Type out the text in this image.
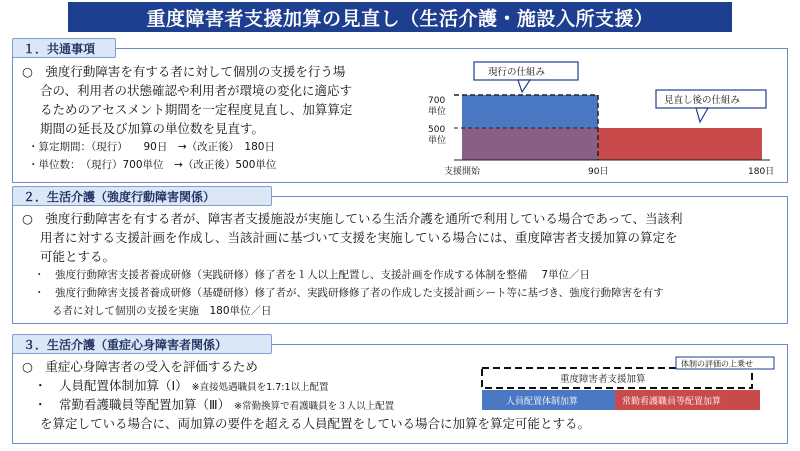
重度障害者支援加算の見直し（生活介護・施設入所支援）
１．共通事項
○　強度行動障害を有する者に対して個別の支援を行う場
合の、利用者の状態確認や利用者が環境の変化に適応す
るためのアセスメント期間を一定程度見直し、加算算定
期間の延長及び加算の単位数を見直す。
・算定期間：（現行）　　90日　→（改正後）　180日
・単位数：　（現行）700単位　→（改正後）500単位
700
単位
500
単位
支援開始	90日	180日
現行の仕組み
見直し後の仕組み
２．生活介護（強度行動障害関係）
○　強度行動障害を有する者が、障害者支援施設が実施している生活介護を通所で利用している場合であって、当該利
用者に対する支援計画を作成し、当該計画に基づいて支援を実施している場合には、重度障害者支援加算の算定を
可能とする。
・　強度行動障害支援者養成研修（実践研修）修了者を１人以上配置し、支援計画を作成する体制を整備　 7単位／日
・　強度行動障害支援者養成研修（基礎研修）修了者が、実践研修修了者の作成した支援計画シート等に基づき、強度行動障害を有す
る者に対して個別の支援を実施　180単位／日
３．生活介護（重症心身障害者関係）
○　重症心身障害者の受入を評価するため
・　人員配置体制加算（Ⅰ） ※直接処遇職員を1.7:1以上配置
・　常勤看護職員等配置加算（Ⅲ） ※常勤換算で看護職員を３人以上配置
を算定している場合に、両加算の要件を超える人員配置をしている場合に加算を算定可能とする。
重度障害者支援加算
体制の評価の上乗せ
人員配置体制加算	常勤看護職員等配置加算
